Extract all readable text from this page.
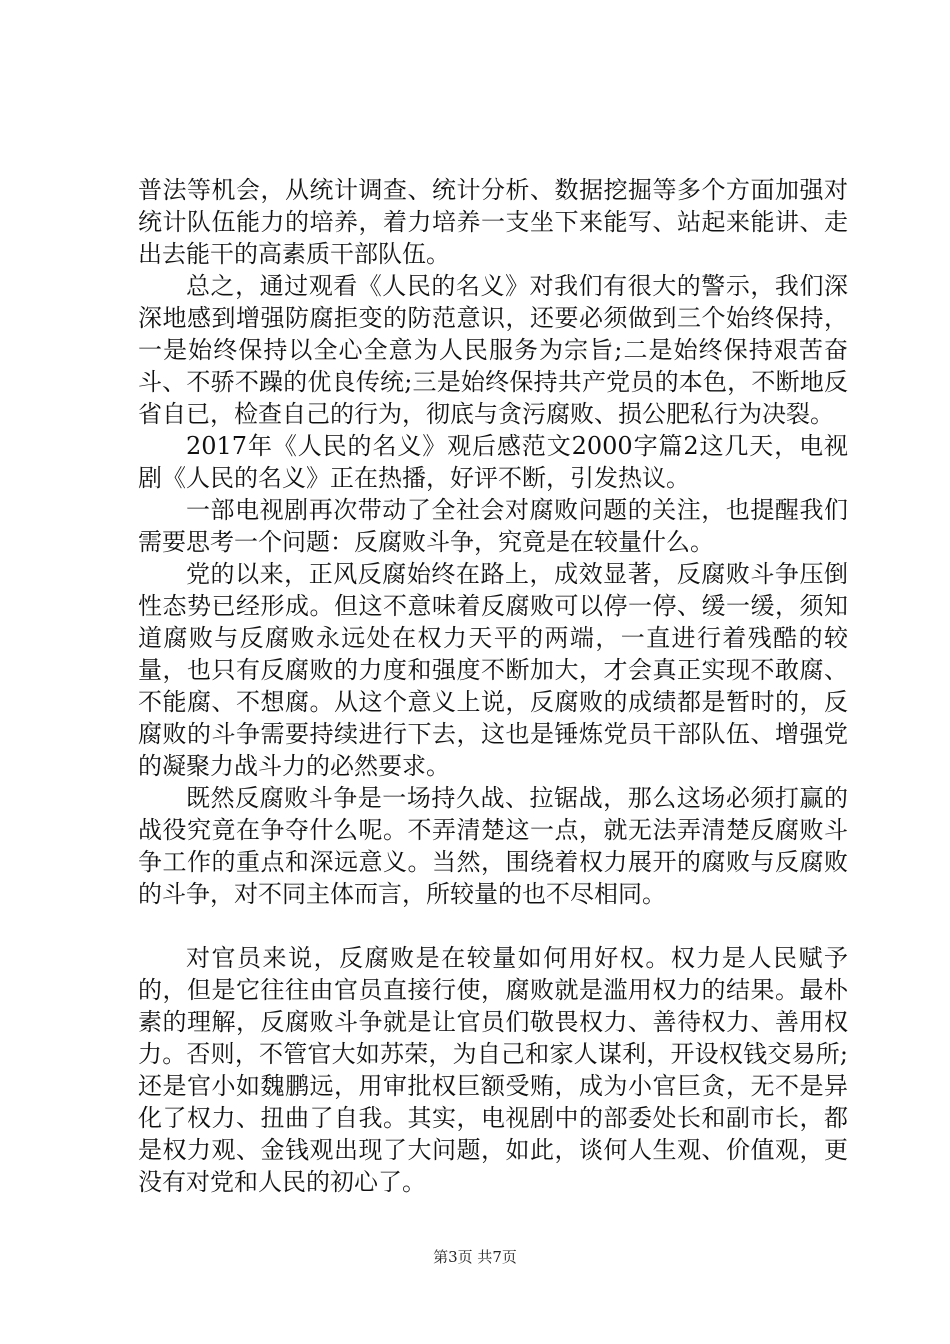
普法等机会，从统计调查、统计分析、数据挖掘等多个方面加强对统计队伍能力的培养，着力培养一支坐下来能写、站起来能讲、走出去能干的高素质干部队伍。

总之，通过观看《人民的名义》对我们有很大的警示，我们深深地感到增强防腐拒变的防范意识，还要必须做到三个始终保持，一是始终保持以全心全意为人民服务为宗旨;二是始终保持艰苦奋斗、不骄不躁的优良传统;三是始终保持共产党员的本色，不断地反省自已，检查自己的行为，彻底与贪污腐败、损公肥私行为决裂。

2017年《人民的名义》观后感范文2000字篇2这几天，电视剧《人民的名义》正在热播，好评不断，引发热议。

一部电视剧再次带动了全社会对腐败问题的关注，也提醒我们需要思考一个问题：反腐败斗争，究竟是在较量什么。

党的以来，正风反腐始终在路上，成效显著，反腐败斗争压倒性态势已经形成。但这不意味着反腐败可以停一停、缓一缓，须知道腐败与反腐败永远处在权力天平的两端，一直进行着残酷的较量，也只有反腐败的力度和强度不断加大，才会真正实现不敢腐、不能腐、不想腐。从这个意义上说，反腐败的成绩都是暂时的，反腐败的斗争需要持续进行下去，这也是锤炼党员干部队伍、增强党的凝聚力战斗力的必然要求。

既然反腐败斗争是一场持久战、拉锯战，那么这场必须打赢的战役究竟在争夺什么呢。不弄清楚这一点，就无法弄清楚反腐败斗争工作的重点和深远意义。当然，围绕着权力展开的腐败与反腐败的斗争，对不同主体而言，所较量的也不尽相同。

对官员来说，反腐败是在较量如何用好权。权力是人民赋予的，但是它往往由官员直接行使，腐败就是滥用权力的结果。最朴素的理解，反腐败斗争就是让官员们敬畏权力、善待权力、善用权力。否则，不管官大如苏荣，为自己和家人谋利，开设权钱交易所;还是官小如魏鹏远，用审批权巨额受贿，成为小官巨贪，无不是异化了权力、扭曲了自我。其实，电视剧中的部委处长和副市长，都是权力观、金钱观出现了大问题，如此，谈何人生观、价值观，更没有对党和人民的初心了。

第3页 共7页
